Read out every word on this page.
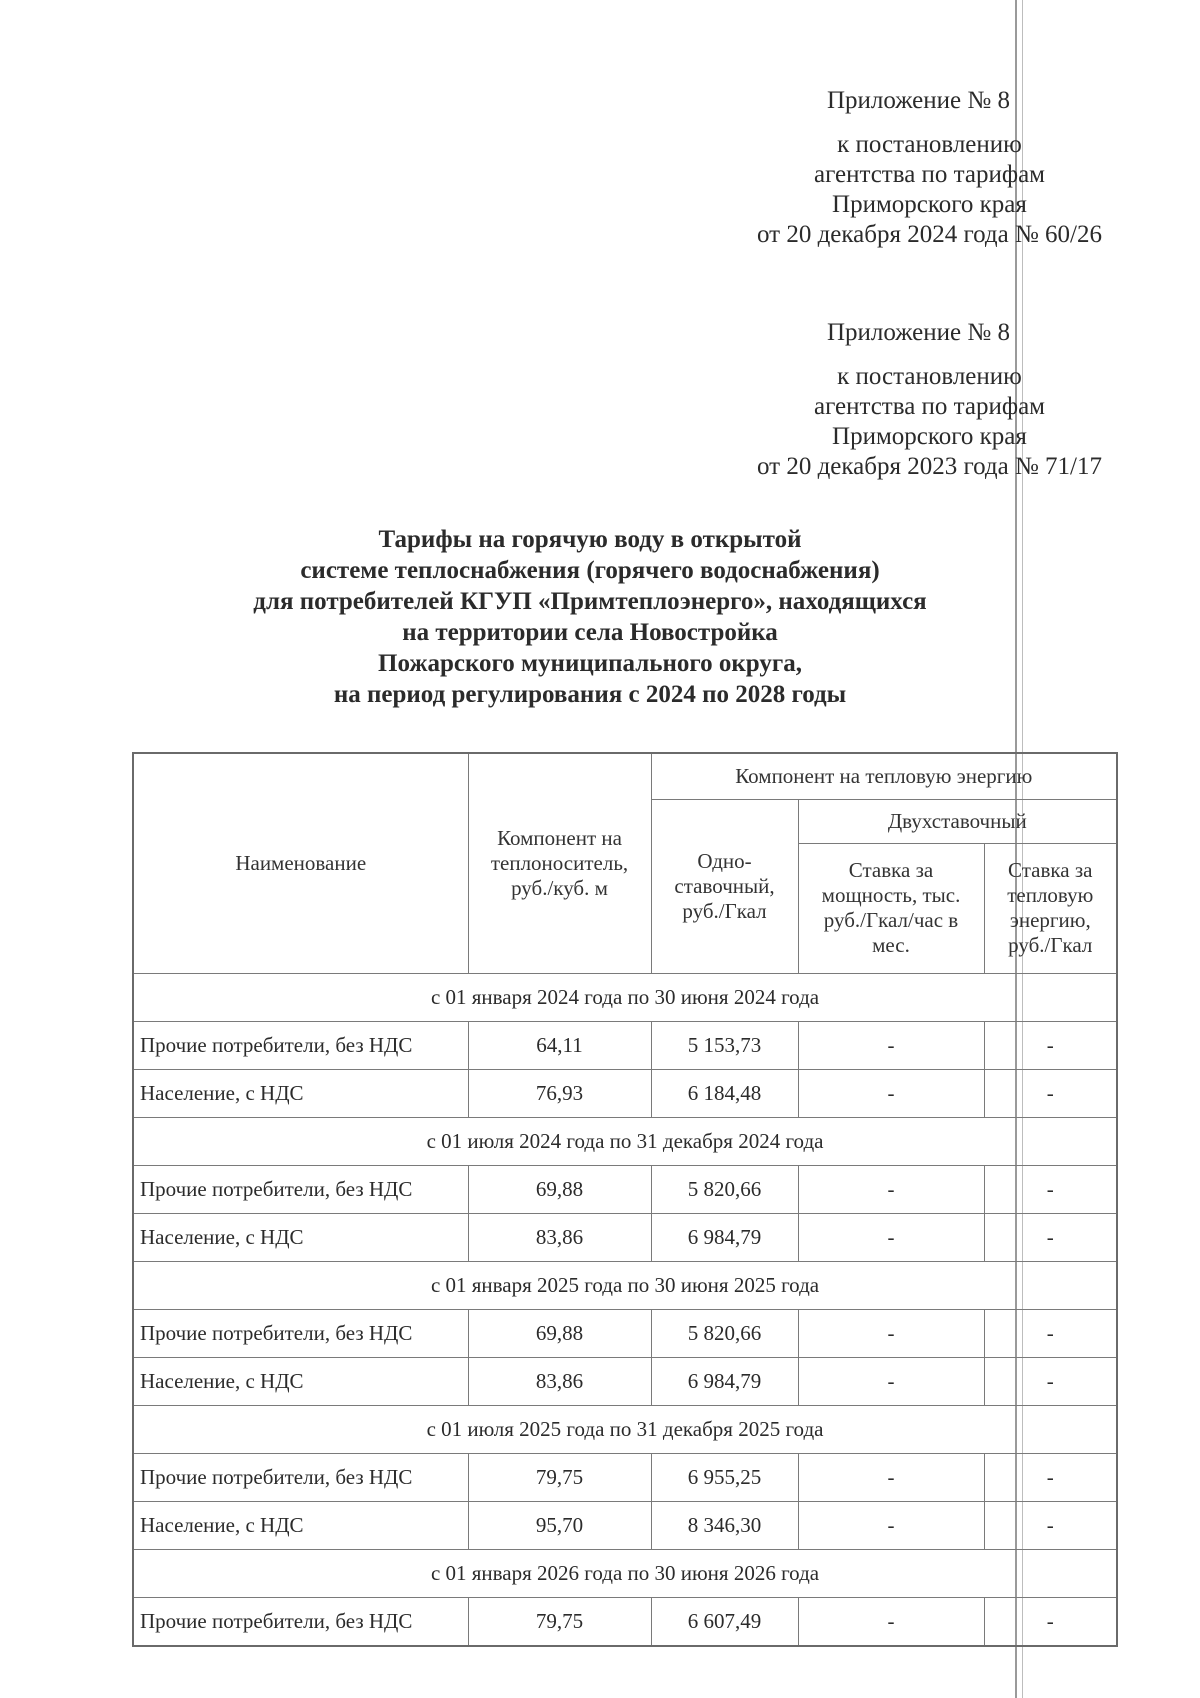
Приложение № 8
к постановлению
агентства по тарифам
Приморского края
от 20 декабря 2024 года № 60/26
Приложение № 8
к постановлению
агентства по тарифам
Приморского края
от 20 декабря 2023 года № 71/17
Тарифы на горячую воду в открытой
системе теплоснабжения (горячего водоснабжения)
для потребителей КГУП «Примтеплоэнерго», находящихся
на территории села Новостройка
Пожарского муниципального округа,
на период регулирования с 2024 по 2028 годы
Наименование	Компонент на теплоноситель, руб./куб. м	Компонент на тепловую энергию		
		Одно-ставочный, руб./Гкал	Двухставочный	
			Ставка за мощность, тыс. руб./Гкал/час в мес.	Ставка за тепловую энергию, руб./Гкал
с 01 января 2024 года по 30 июня 2024 года				
Прочие потребители, без НДС	64,11	5 153,73	-	-
Население, с НДС	76,93	6 184,48	-	-
с 01 июля 2024 года по 31 декабря 2024 года				
Прочие потребители, без НДС	69,88	5 820,66	-	-
Население, с НДС	83,86	6 984,79	-	-
с 01 января 2025 года по 30 июня 2025 года				
Прочие потребители, без НДС	69,88	5 820,66	-	-
Население, с НДС	83,86	6 984,79	-	-
с 01 июля 2025 года по 31 декабря 2025 года				
Прочие потребители, без НДС	79,75	6 955,25	-	-
Население, с НДС	95,70	8 346,30	-	-
с 01 января 2026 года по 30 июня 2026 года				
Прочие потребители, без НДС	79,75	6 607,49	-	-
